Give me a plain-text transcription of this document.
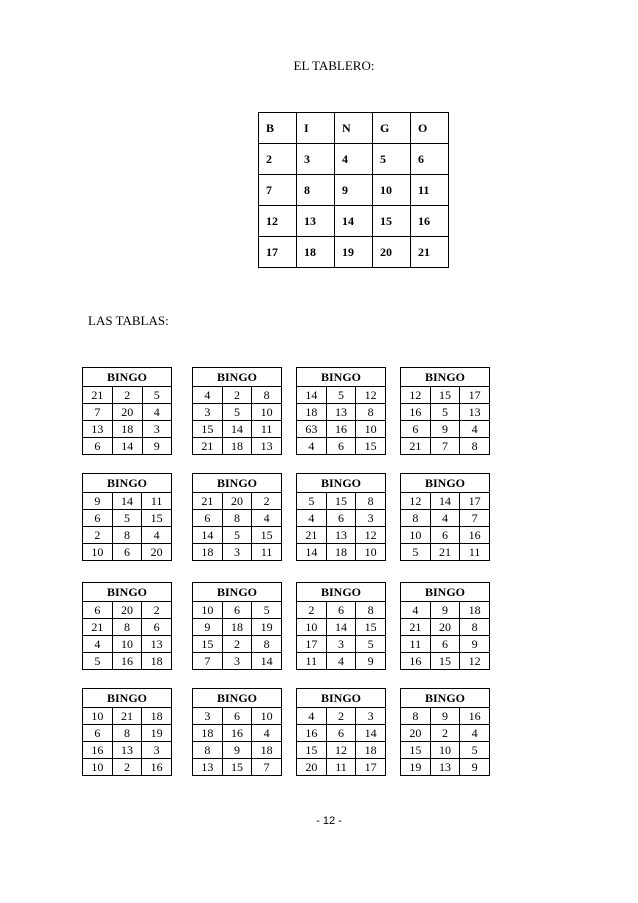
EL TABLERO:
B	I	N	G	O
2	3	4	5	6
7	8	9	10	11
12	13	14	15	16
17	18	19	20	21
LAS TABLAS:
BINGO		
21	2	5
7	20	4
13	18	3
6	14	9
BINGO		
4	2	8
3	5	10
15	14	11
21	18	13
BINGO		
14	5	12
18	13	8
63	16	10
4	6	15
BINGO		
12	15	17
16	5	13
6	9	4
21	7	8
BINGO		
9	14	11
6	5	15
2	8	4
10	6	20
BINGO		
21	20	2
6	8	4
14	5	15
18	3	11
BINGO		
5	15	8
4	6	3
21	13	12
14	18	10
BINGO		
12	14	17
8	4	7
10	6	16
5	21	11
BINGO		
6	20	2
21	8	6
4	10	13
5	16	18
BINGO		
10	6	5
9	18	19
15	2	8
7	3	14
BINGO		
2	6	8
10	14	15
17	3	5
11	4	9
BINGO		
4	9	18
21	20	8
11	6	9
16	15	12
BINGO		
10	21	18
6	8	19
16	13	3
10	2	16
BINGO		
3	6	10
18	16	4
8	9	18
13	15	7
BINGO		
4	2	3
16	6	14
15	12	18
20	11	17
BINGO		
8	9	16
20	2	4
15	10	5
19	13	9
- 12 -
